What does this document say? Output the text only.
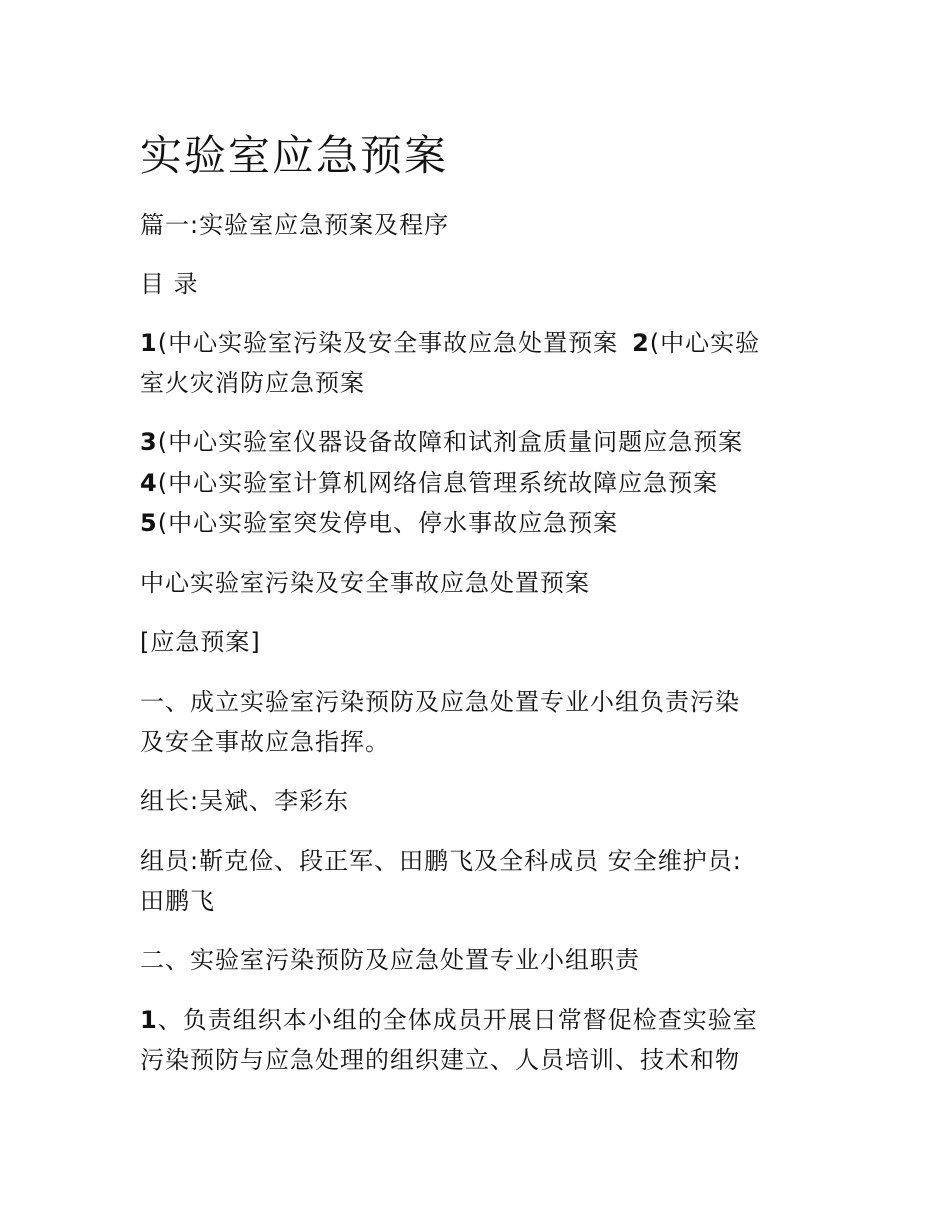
实验室应急预案

篇一:实验室应急预案及程序

目 录

1(中心实验室污染及安全事故应急处置预案 2(中心实验

室火灾消防应急预案

3(中心实验室仪器设备故障和试剂盒质量问题应急预案

4(中心实验室计算机网络信息管理系统故障应急预案

5(中心实验室突发停电、停水事故应急预案

中心实验室污染及安全事故应急处置预案

[应急预案]

一、成立实验室污染预防及应急处置专业小组负责污染

及安全事故应急指挥。

组长:吴斌、李彩东

组员:靳克俭、段正军、田鹏飞及全科成员 安全维护员:

田鹏飞

二、实验室污染预防及应急处置专业小组职责

1、负责组织本小组的全体成员开展日常督促检查实验室

污染预防与应急处理的组织建立、人员培训、技术和物
